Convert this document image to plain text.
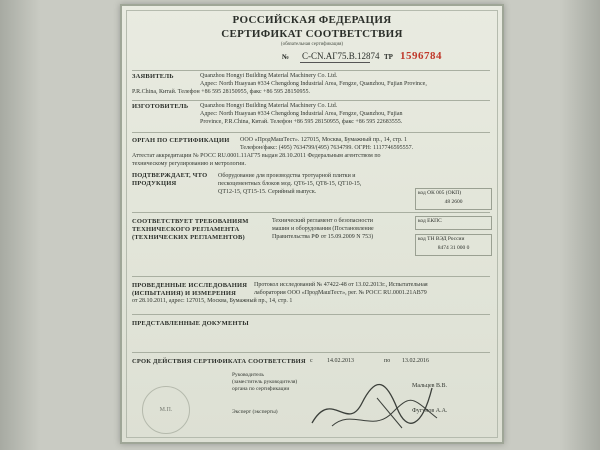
РОССИЙСКАЯ ФЕДЕРАЦИЯ
СЕРТИФИКАТ СООТВЕТСТВИЯ
(обязательная сертификация)
№ C-CN.AГ75.B.12874 ТР 1596784
ЗАЯВИТЕЛЬ	Quanzhou Hongyi Building Material Machinery Co. Ltd.
Адрес: North Huayuan #334 Chengdong Industrial Area, Fengze, Quanzhou, Fujian Province,
P.R.China, Китай. Телефон +86 595 28150955, факс +86 595 28150955.
ИЗГОТОВИТЕЛЬ Quanzhou Hongyi Building Material Machinery Co. Ltd.
Адрес: North Huayuan #334 Chengdong Industrial Area, Fengze, Quanzhou, Fujian
Province, P.R.China, Китай. Телефон +86 595 28150955, факс +86 595 22683555.
ОРГАН ПО СЕРТИФИКАЦИИ ООО «ПродМашТест». 127015, Москва, Бумажный пр., 14, стр. 1
Телефон/факс: (495) 7634799/(495) 7634799. ОГРН: 1117746595557.
Аттестат аккредитации № РОСС RU.0001.11АГ75 выдан 28.10.2011 Федеральным агентством по
техническому регулированию и метрологии.
ПОДТВЕРЖДАЕТ, ЧТО
ПРОДУКЦИЯ
Оборудование для производства тротуарной плитки и
пескоцементных блоков мод. QT6-15, QT8-15, QT10-15,
QT12-15, QT15-15. Серийный выпуск.	код ОК 005 (ОКП)
48 2600
код ЕКПС
код ТН ВЭД России
8474 31 000 0
СООТВЕТСТВУЕТ ТРЕБОВАНИЯМ
ТЕХНИЧЕСКОГО РЕГЛАМЕНТА
(ТЕХНИЧЕСКИХ РЕГЛАМЕНТОВ)
Технический регламент о безопасности
машин и оборудования (Постановление
Правительства РФ от 15.09.2009 N 753)
ПРОВЕДЕННЫЕ ИССЛЕДОВАНИЯ
(ИСПЫТАНИЯ) И ИЗМЕРЕНИЯ
Протокол исследований № 47422-48 от 13.02.2013г., Испытательная
лаборатория ООО «ПродМашТест», рег. № РОСС RU.0001.21АВ79
от 28.10.2011, адрес: 127015, Москва, Бумажный пр., 14, стр. 1
ПРЕДСТАВЛЕННЫЕ ДОКУМЕНТЫ
СРОК ДЕЙСТВИЯ СЕРТИФИКАТА СООТВЕТСТВИЯ с 14.02.2013	по 13.02.2016
Руководитель
(заместитель руководителя)
органа по сертификации	Мальцев В.В.
Эксперт (эксперты)	Фугунов А.А.
М.П.
